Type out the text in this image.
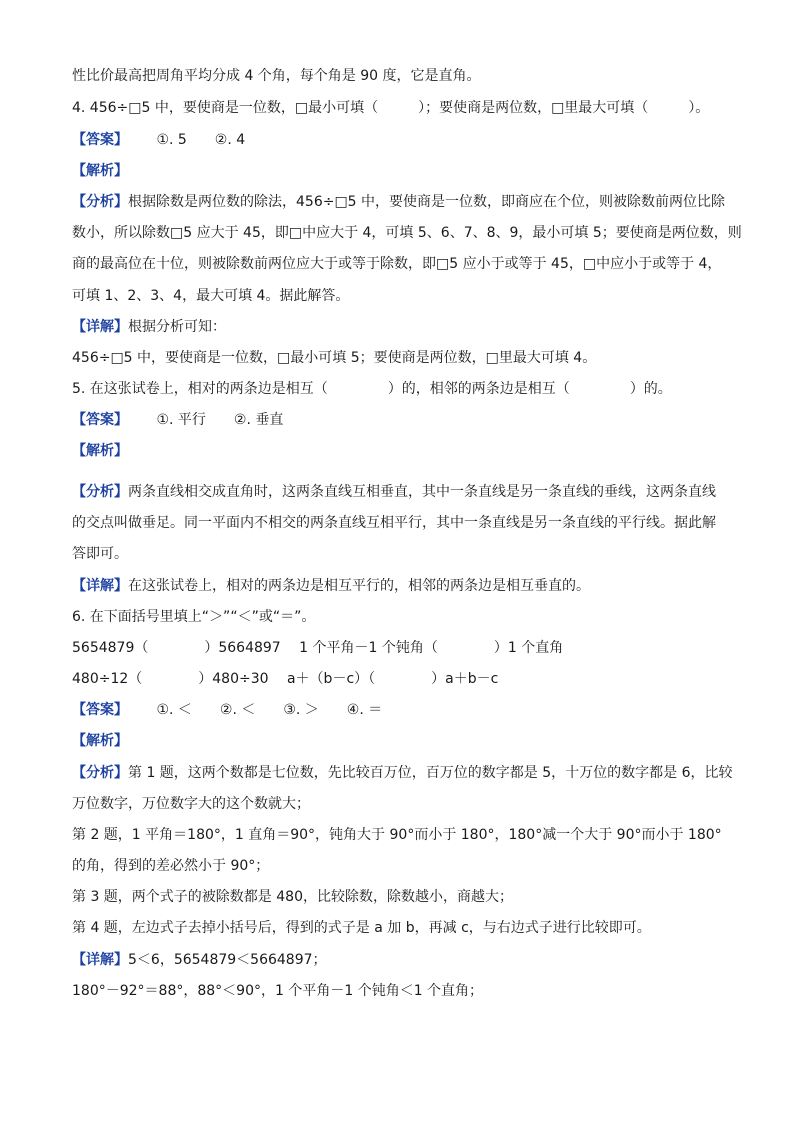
性比价最高把周角平均分成 4 个角，每个角是 90 度，它是直角。
4. 456÷□5 中，要使商是一位数，□最小可填（	）；要使商是两位数，□里最大可填（	）。
【答案】 ①. 5　　②. 4
【解析】
【分析】根据除数是两位数的除法，456÷□5 中，要使商是一位数，即商应在个位，则被除数前两位比除
数小，所以除数□5 应大于 45，即□中应大于 4，可填 5、6、7、8、9，最小可填 5；要使商是两位数，则
商的最高位在十位，则被除数前两位应大于或等于除数，即□5 应小于或等于 45，□中应小于或等于 4，
可填 1、2、3、4，最大可填 4。据此解答。
【详解】根据分析可知：
456÷□5 中，要使商是一位数，□最小可填 5；要使商是两位数，□里最大可填 4。
5. 在这张试卷上，相对的两条边是相互（	）的，相邻的两条边是相互（	）的。
【答案】 ①. 平行　　②. 垂直
【解析】
【分析】两条直线相交成直角时，这两条直线互相垂直，其中一条直线是另一条直线的垂线，这两条直线
的交点叫做垂足。同一平面内不相交的两条直线互相平行，其中一条直线是另一条直线的平行线。据此解
答即可。
【详解】在这张试卷上，相对的两条边是相互平行的，相邻的两条边是相互垂直的。
6. 在下面括号里填上“＞”“＜”或“＝”。
5654879（　　　　）5664897　 1 个平角－1 个钝角（　　　　）1 个直角
480÷12（　　　　）480÷30　 a＋（b－c）（　　　　）a＋b－c
【答案】 ①. ＜　　②. ＜　　③. ＞　　④. ＝
【解析】
【分析】第 1 题，这两个数都是七位数，先比较百万位，百万位的数字都是 5，十万位的数字都是 6，比较
万位数字，万位数字大的这个数就大；
第 2 题，1 平角＝180°，1 直角＝90°，钝角大于 90°而小于 180°，180°减一个大于 90°而小于 180°
的角，得到的差必然小于 90°；
第 3 题，两个式子的被除数都是 480，比较除数，除数越小，商越大；
第 4 题，左边式子去掉小括号后，得到的式子是 a 加 b，再减 c，与右边式子进行比较即可。
【详解】5＜6，5654879＜5664897；
180°－92°＝88°，88°＜90°，1 个平角－1 个钝角＜1 个直角；
